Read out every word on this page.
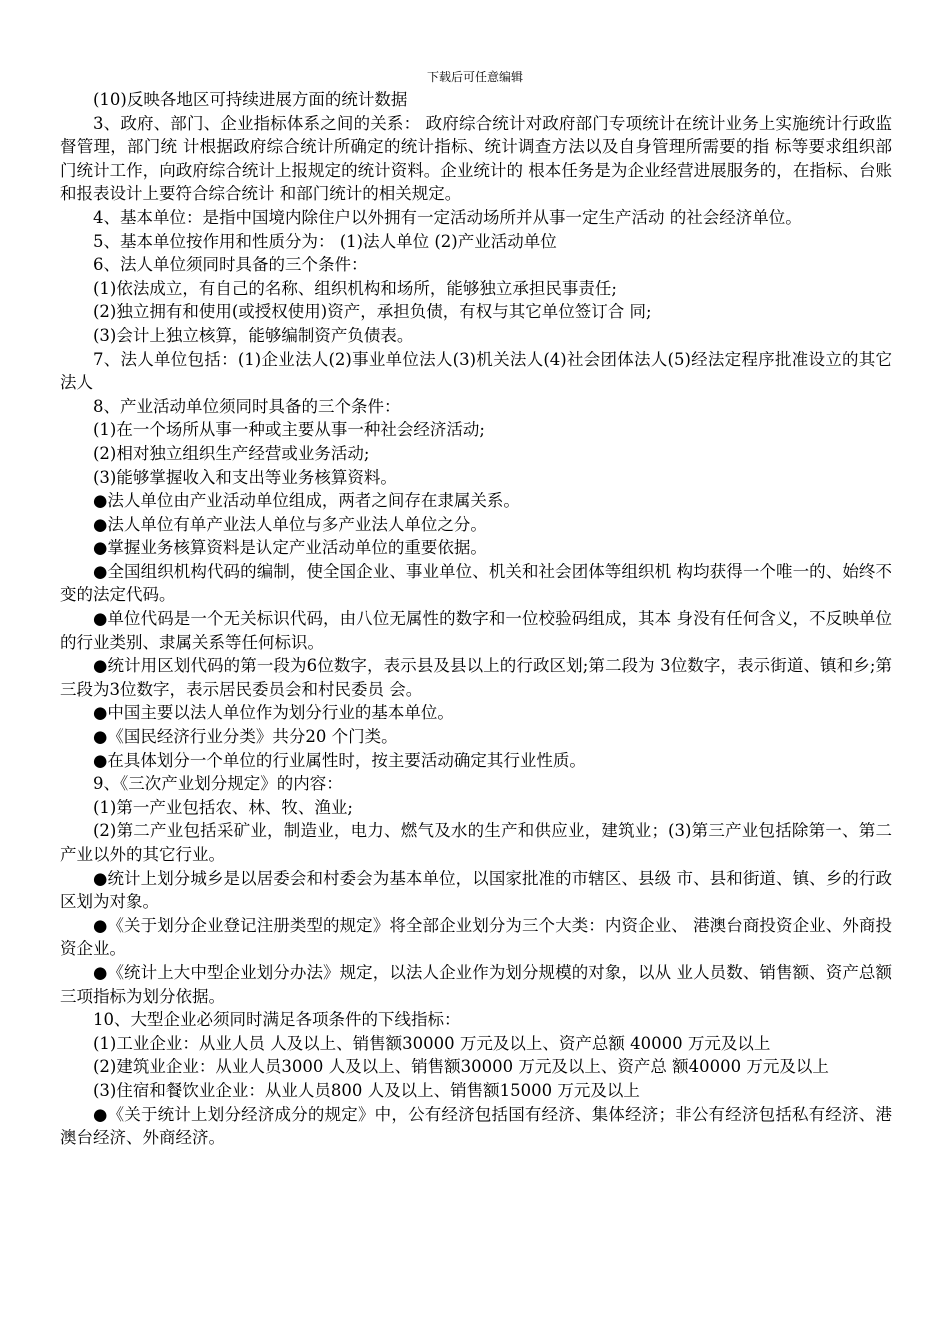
下载后可任意编辑

(10)反映各地区可持续进展方面的统计数据

3、政府、部门、企业指标体系之间的关系： 政府综合统计对政府部门专项统计在统计业务上实施统计行政监督管理，部门统 计根据政府综合统计所确定的统计指标、统计调查方法以及自身管理所需要的指 标等要求组织部门统计工作，向政府综合统计上报规定的统计资料。企业统计的 根本任务是为企业经营进展服务的，在指标、台账和报表设计上要符合综合统计 和部门统计的相关规定。

4、基本单位：是指中国境内除住户以外拥有一定活动场所并从事一定生产活动 的社会经济单位。

5、基本单位按作用和性质分为： (1)法人单位 (2)产业活动单位

6、法人单位须同时具备的三个条件：

(1)依法成立，有自己的名称、组织机构和场所，能够独立承担民事责任;

(2)独立拥有和使用(或授权使用)资产，承担负债，有权与其它单位签订合 同;

(3)会计上独立核算，能够编制资产负债表。

7、法人单位包括：(1)企业法人(2)事业单位法人(3)机关法人(4)社会团体法人(5)经法定程序批准设立的其它法人

8、产业活动单位须同时具备的三个条件：

(1)在一个场所从事一种或主要从事一种社会经济活动;

(2)相对独立组织生产经营或业务活动;

(3)能够掌握收入和支出等业务核算资料。

●法人单位由产业活动单位组成，两者之间存在隶属关系。

●法人单位有单产业法人单位与多产业法人单位之分。

●掌握业务核算资料是认定产业活动单位的重要依据。

●全国组织机构代码的编制，使全国企业、事业单位、机关和社会团体等组织机 构均获得一个唯一的、始终不变的法定代码。

●单位代码是一个无关标识代码，由八位无属性的数字和一位校验码组成，其本 身没有任何含义，不反映单位的行业类别、隶属关系等任何标识。

●统计用区划代码的第一段为6位数字，表示县及县以上的行政区划;第二段为 3位数字，表示街道、镇和乡;第三段为3位数字，表示居民委员会和村民委员 会。

●中国主要以法人单位作为划分行业的基本单位。

●《国民经济行业分类》共分20 个门类。

●在具体划分一个单位的行业属性时，按主要活动确定其行业性质。

9、《三次产业划分规定》的内容：

(1)第一产业包括农、林、牧、渔业;

(2)第二产业包括采矿业，制造业，电力、燃气及水的生产和供应业，建筑业；(3)第三产业包括除第一、第二产业以外的其它行业。

●统计上划分城乡是以居委会和村委会为基本单位，以国家批准的市辖区、县级 市、县和街道、镇、乡的行政区划为对象。

●《关于划分企业登记注册类型的规定》将全部企业划分为三个大类：内资企业、 港澳台商投资企业、外商投资企业。

●《统计上大中型企业划分办法》规定，以法人企业作为划分规模的对象，以从 业人员数、销售额、资产总额三项指标为划分依据。

10、大型企业必须同时满足各项条件的下线指标：

(1)工业企业：从业人员 人及以上、销售额30000 万元及以上、资产总额 40000 万元及以上

(2)建筑业企业：从业人员3000 人及以上、销售额30000 万元及以上、资产总 额40000 万元及以上

(3)住宿和餐饮业企业：从业人员800 人及以上、销售额15000 万元及以上

●《关于统计上划分经济成分的规定》中，公有经济包括国有经济、集体经济；非公有经济包括私有经济、港澳台经济、外商经济。
